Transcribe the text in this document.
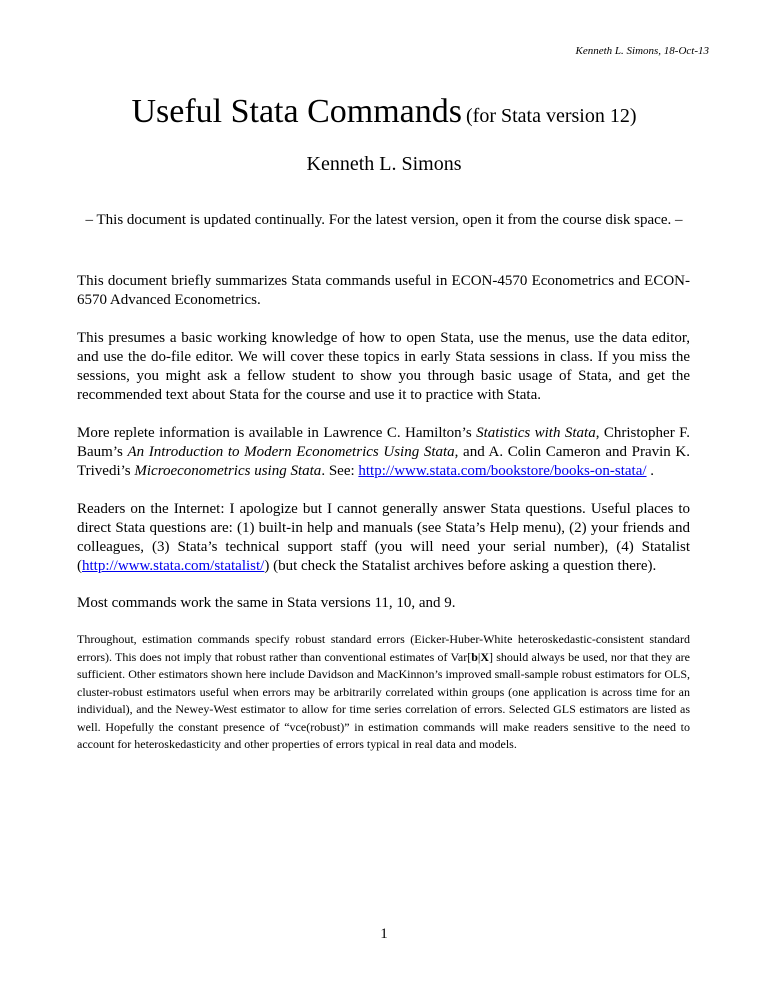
Kenneth L. Simons, 18-Oct-13
Useful Stata Commands (for Stata version 12)
Kenneth L. Simons
– This document is updated continually. For the latest version, open it from the course disk space. –

This document briefly summarizes Stata commands useful in ECON-4570 Econometrics and ECON-6570 Advanced Econometrics.

This presumes a basic working knowledge of how to open Stata, use the menus, use the data editor, and use the do-file editor. We will cover these topics in early Stata sessions in class. If you miss the sessions, you might ask a fellow student to show you through basic usage of Stata, and get the recommended text about Stata for the course and use it to practice with Stata.

More replete information is available in Lawrence C. Hamilton’s Statistics with Stata, Christopher F. Baum’s An Introduction to Modern Econometrics Using Stata, and A. Colin Cameron and Pravin K. Trivedi’s Microeconometrics using Stata. See: http://www.stata.com/bookstore/books-on-stata/ .

Readers on the Internet: I apologize but I cannot generally answer Stata questions. Useful places to direct Stata questions are: (1) built-in help and manuals (see Stata’s Help menu), (2) your friends and colleagues, (3) Stata’s technical support staff (you will need your serial number), (4) Statalist (http://www.stata.com/statalist/) (but check the Statalist archives before asking a question there).

Most commands work the same in Stata versions 11, 10, and 9.

Throughout, estimation commands specify robust standard errors (Eicker-Huber-White heteroskedastic-consistent standard errors). This does not imply that robust rather than conventional estimates of Var[b|X] should always be used, nor that they are sufficient. Other estimators shown here include Davidson and MacKinnon’s improved small-sample robust estimators for OLS, cluster-robust estimators useful when errors may be arbitrarily correlated within groups (one application is across time for an individual), and the Newey-West estimator to allow for time series correlation of errors. Selected GLS estimators are listed as well. Hopefully the constant presence of “vce(robust)” in estimation commands will make readers sensitive to the need to account for heteroskedasticity and other properties of errors typical in real data and models.

1
